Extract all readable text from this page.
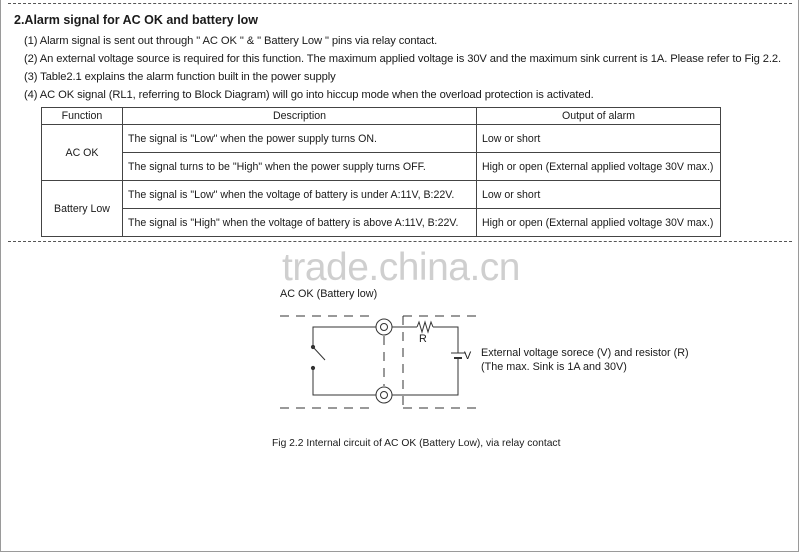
2.Alarm signal for AC OK and battery low
(1) Alarm signal is sent out through " AC OK " & " Battery Low " pins via relay contact.
(2) An external voltage source is required for this function. The maximum applied voltage is 30V and the maximum sink current is 1A. Please refer to Fig 2.2.
(3) Table2.1 explains the alarm function built in the power supply
(4) AC OK signal (RL1, referring to Block Diagram) will go into hiccup mode when the overload protection is activated.
Function	Description	Output of alarm
AC OK	The signal is "Low" when the power supply turns ON.	Low or short
	The signal turns to be "High" when the power supply turns OFF.	High or open (External applied voltage 30V max.)
Battery Low	The signal is "Low" when the voltage of battery is under A:11V, B:22V.	Low or short
	The signal is "High" when the voltage of battery is above A:11V, B:22V.	High or open (External applied voltage 30V max.)
trade.china.cn
AC OK (Battery low)
R
V External voltage sorece (V) and resistor (R)
(The max. Sink is 1A and 30V)
Fig 2.2 Internal circuit of AC OK (Battery Low), via relay contact
